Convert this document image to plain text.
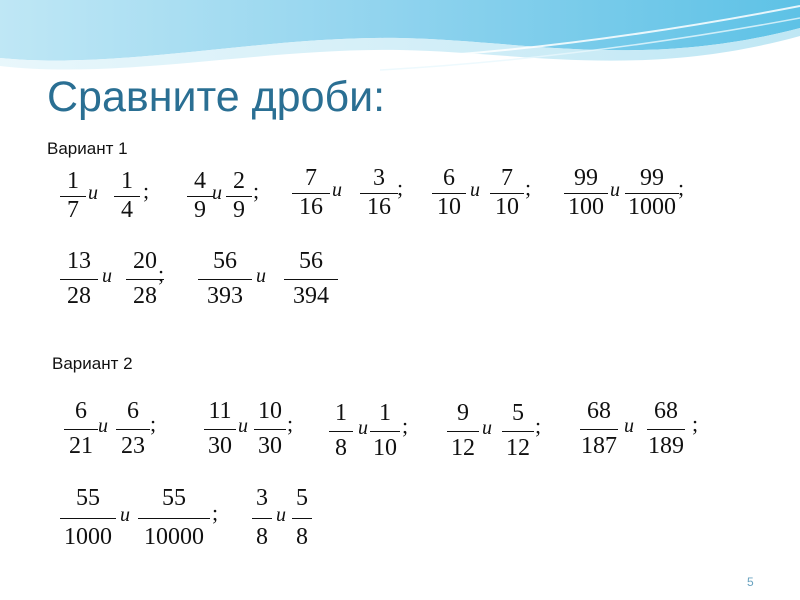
Сравните дроби:
Вариант 1
Вариант 2
1
7
и 1
4
;	4
9
и 2
9
;	7
16
и	3
16
;	6
10
и 7
10
;	99
100
и 99
1000
;
13
28
и
20
28
;	56
393
и
56
394
6
21
и
6
23
; 11
30
и
10
30
;	1
8
и
1
10
;	9
12
и
5
12
;
68
187
и
68
189
;
55
1000
и
55
10000
;
3
8
и
5
8
5
